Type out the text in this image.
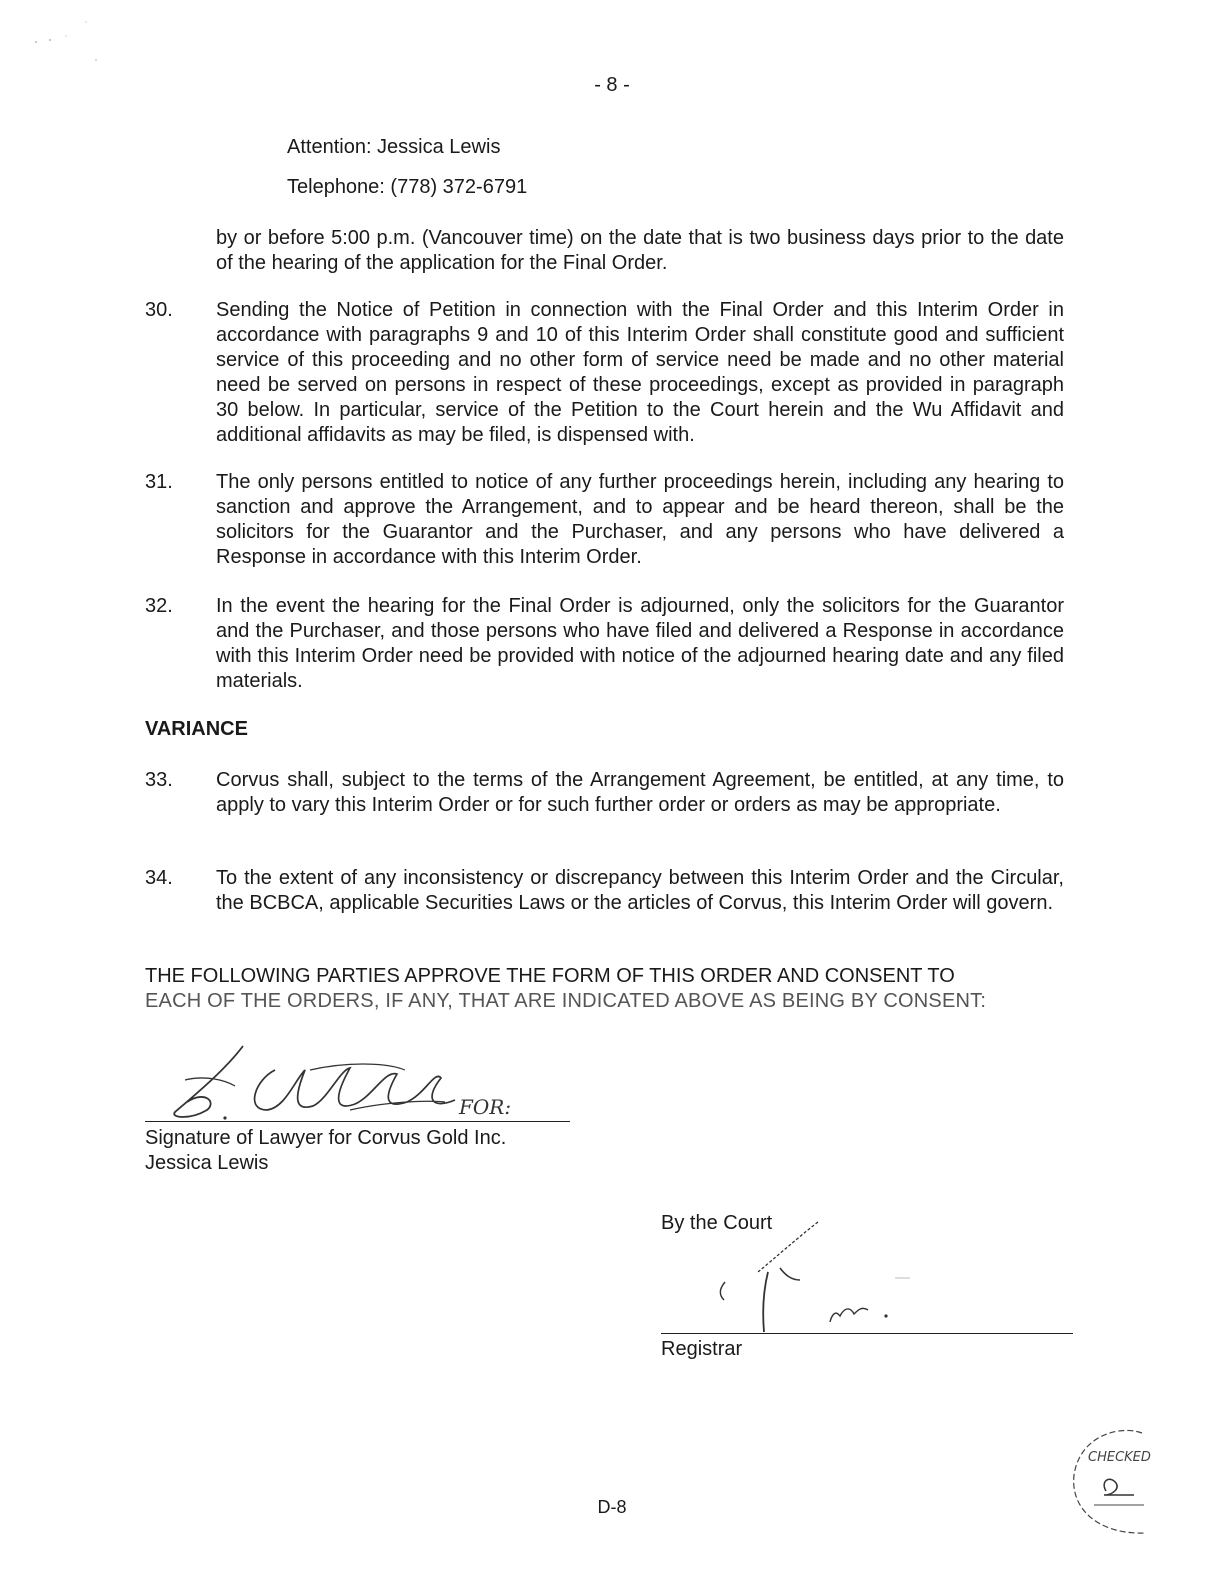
- 8 -
Attention: Jessica Lewis
Telephone: (778) 372-6791
by or before 5:00 p.m. (Vancouver time) on the date that is two business days prior to the date of the hearing of the application for the Final Order.
30. Sending the Notice of Petition in connection with the Final Order and this Interim Order in accordance with paragraphs 9 and 10 of this Interim Order shall constitute good and sufficient service of this proceeding and no other form of service need be made and no other material need be served on persons in respect of these proceedings, except as provided in paragraph 30 below. In particular, service of the Petition to the Court herein and the Wu Affidavit and additional affidavits as may be filed, is dispensed with.
31. The only persons entitled to notice of any further proceedings herein, including any hearing to sanction and approve the Arrangement, and to appear and be heard thereon, shall be the solicitors for the Guarantor and the Purchaser, and any persons who have delivered a Response in accordance with this Interim Order.
32. In the event the hearing for the Final Order is adjourned, only the solicitors for the Guarantor and the Purchaser, and those persons who have filed and delivered a Response in accordance with this Interim Order need be provided with notice of the adjourned hearing date and any filed materials.
VARIANCE
33. Corvus shall, subject to the terms of the Arrangement Agreement, be entitled, at any time, to apply to vary this Interim Order or for such further order or orders as may be appropriate.
34. To the extent of any inconsistency or discrepancy between this Interim Order and the Circular, the BCBCA, applicable Securities Laws or the articles of Corvus, this Interim Order will govern.
THE FOLLOWING PARTIES APPROVE THE FORM OF THIS ORDER AND CONSENT TO
EACH OF THE ORDERS, IF ANY, THAT ARE INDICATED ABOVE AS BEING BY CONSENT:
FOR:
Signature of Lawyer for Corvus Gold Inc.
Jessica Lewis
By the Court
Registrar
CHECKED
D-8
